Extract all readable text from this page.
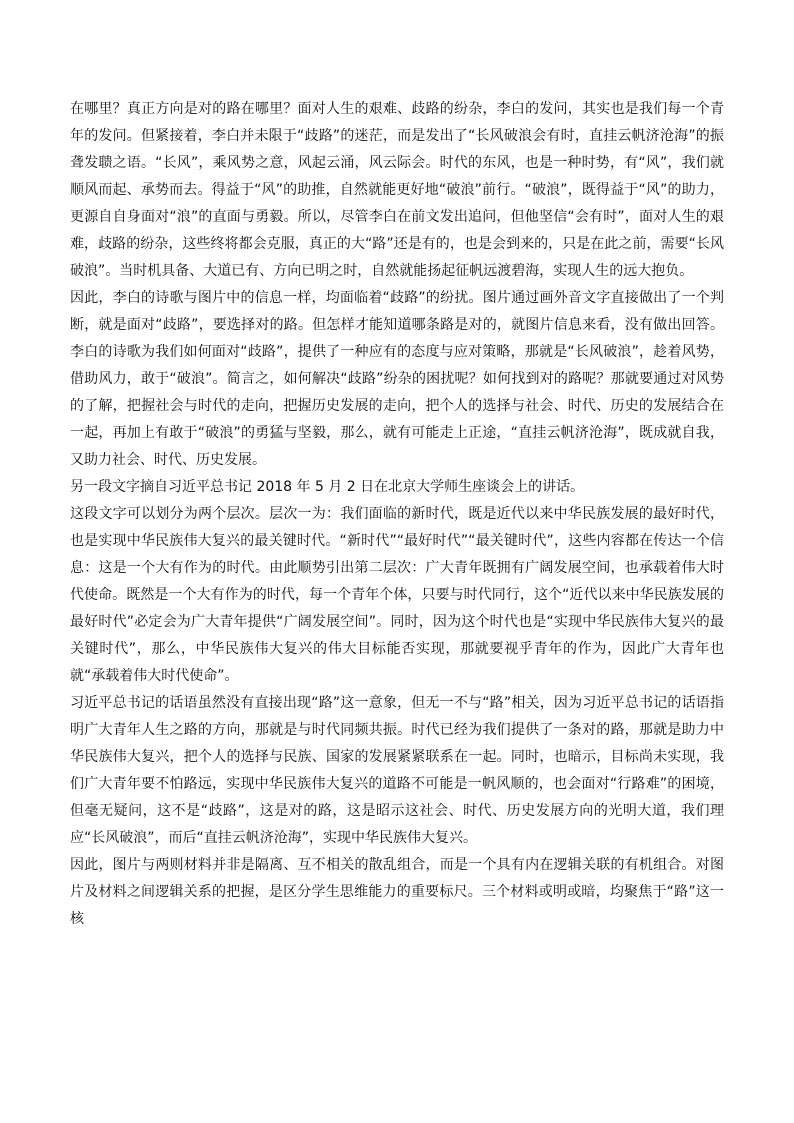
在哪里？真正方向是对的路在哪里？面对人生的艰难、歧路的纷杂，李白的发问，其实也是我们每一个青年的发问。但紧接着，李白并未限于“歧路”的迷茫，而是发出了“长风破浪会有时，直挂云帆济沧海”的振聋发聩之语。“长风”，乘风势之意，风起云涌，风云际会。时代的东风，也是一种时势，有“风”，我们就顺风而起、承势而去。得益于“风”的助推，自然就能更好地“破浪”前行。“破浪”，既得益于“风”的助力，更源自自身面对“浪”的直面与勇毅。所以，尽管李白在前文发出追问，但他坚信“会有时”，面对人生的艰难，歧路的纷杂，这些终将都会克服，真正的大“路”还是有的，也是会到来的，只是在此之前，需要“长风破浪”。当时机具备、大道已有、方向已明之时，自然就能扬起征帆远渡碧海，实现人生的远大抱负。

因此，李白的诗歌与图片中的信息一样，均面临着“歧路”的纷扰。图片通过画外音文字直接做出了一个判断，就是面对“歧路”，要选择对的路。但怎样才能知道哪条路是对的，就图片信息来看，没有做出回答。李白的诗歌为我们如何面对“歧路”，提供了一种应有的态度与应对策略，那就是“长风破浪”，趁着风势，借助风力，敢于“破浪”。简言之，如何解决“歧路”纷杂的困扰呢？如何找到对的路呢？那就要通过对风势的了解，把握社会与时代的走向，把握历史发展的走向，把个人的选择与社会、时代、历史的发展结合在一起，再加上有敢于“破浪”的勇猛与坚毅，那么，就有可能走上正途，“直挂云帆济沧海”，既成就自我，又助力社会、时代、历史发展。

另一段文字摘自习近平总书记 2018 年 5 月 2 日在北京大学师生座谈会上的讲话。

这段文字可以划分为两个层次。层次一为：我们面临的新时代，既是近代以来中华民族发展的最好时代，也是实现中华民族伟大复兴的最关键时代。“新时代”“最好时代”“最关键时代”，这些内容都在传达一个信息：这是一个大有作为的时代。由此顺势引出第二层次：广大青年既拥有广阔发展空间，也承载着伟大时代使命。既然是一个大有作为的时代，每一个青年个体，只要与时代同行，这个“近代以来中华民族发展的最好时代”必定会为广大青年提供“广阔发展空间”。同时，因为这个时代也是“实现中华民族伟大复兴的最关键时代”，那么，中华民族伟大复兴的伟大目标能否实现，那就要视乎青年的作为，因此广大青年也就“承载着伟大时代使命”。

习近平总书记的话语虽然没有直接出现“路”这一意象，但无一不与“路”相关，因为习近平总书记的话语指明广大青年人生之路的方向，那就是与时代同频共振。时代已经为我们提供了一条对的路，那就是助力中华民族伟大复兴，把个人的选择与民族、国家的发展紧紧联系在一起。同时，也暗示，目标尚未实现，我们广大青年要不怕路远，实现中华民族伟大复兴的道路不可能是一帆风顺的，也会面对“行路难”的困境，但毫无疑问，这不是“歧路”，这是对的路，这是昭示这社会、时代、历史发展方向的光明大道，我们理应“长风破浪”，而后“直挂云帆济沧海”，实现中华民族伟大复兴。

因此，图片与两则材料并非是隔离、互不相关的散乱组合，而是一个具有内在逻辑关联的有机组合。对图片及材料之间逻辑关系的把握，是区分学生思维能力的重要标尺。三个材料或明或暗，均聚焦于“路”这一核
